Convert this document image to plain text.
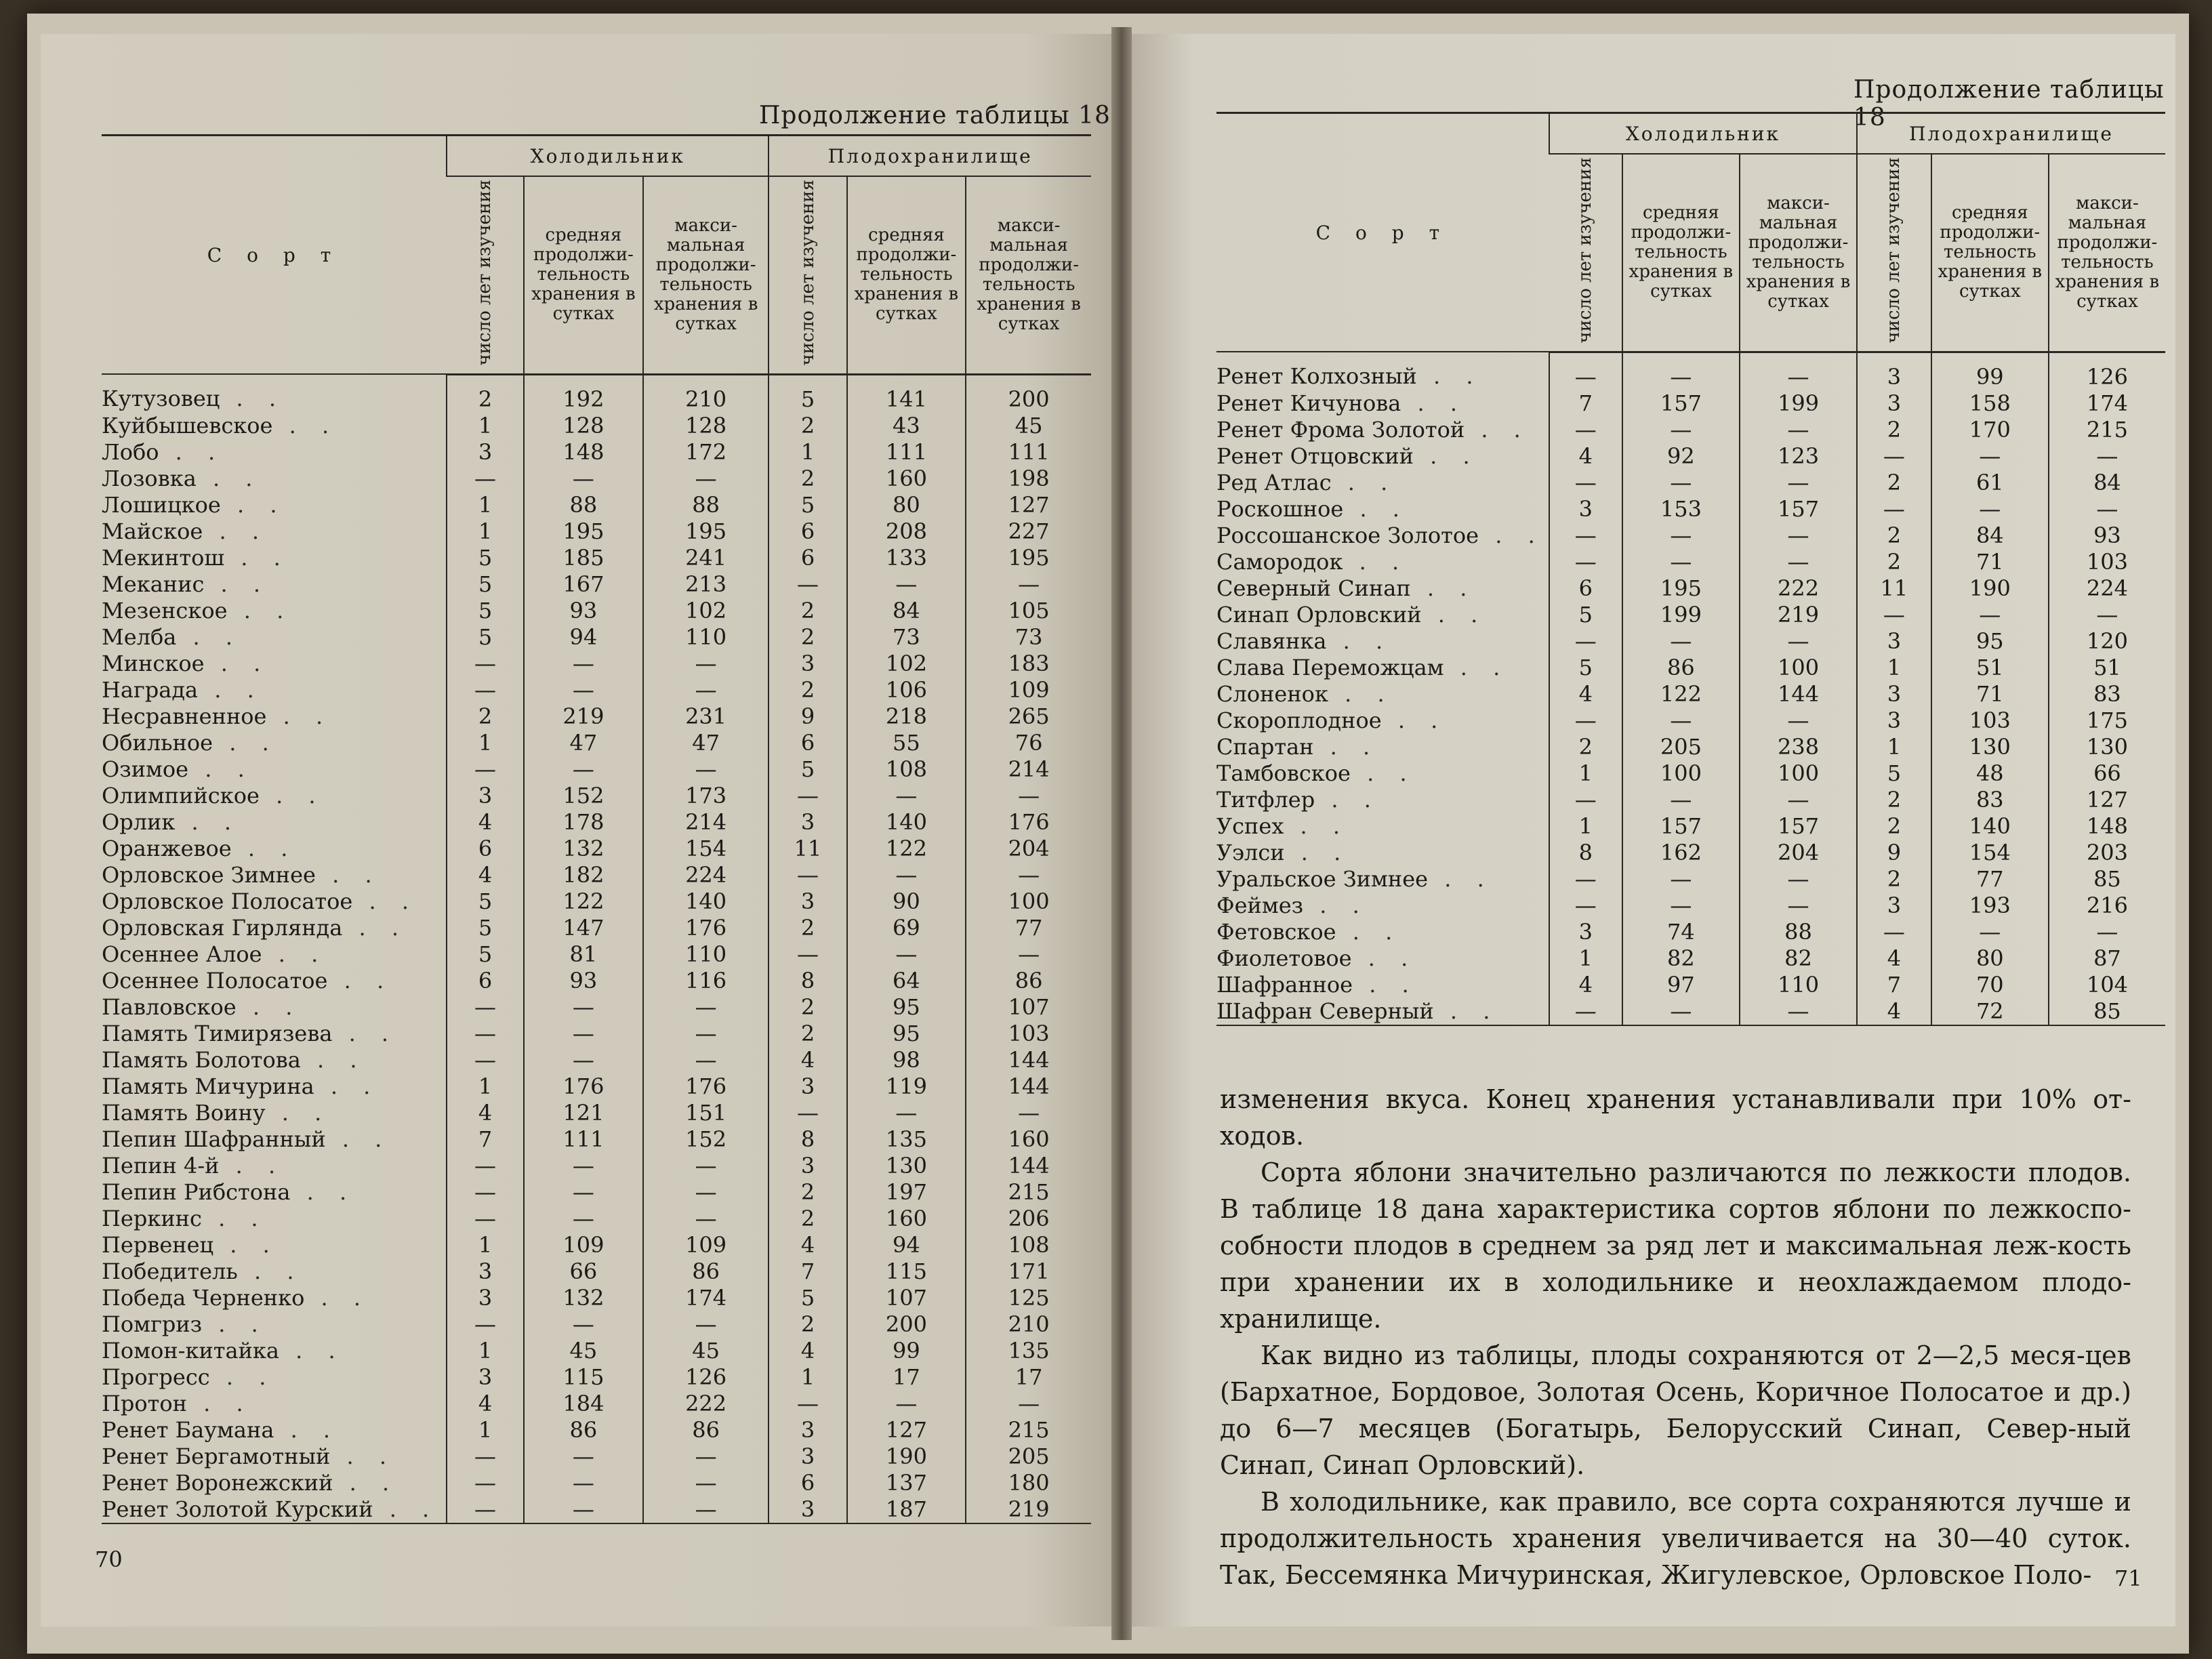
Продолжение таблицы 18
С о р т	Холодильник			Плодохранилище		
	число лет изучения	средняя продолжи-тельность хранения в сутках	макси-мальная продолжи-тельность хранения в сутках	число лет изучения	средняя продолжи-тельность хранения в сутках	макси-мальная продолжи-тельность хранения в сутках
Кутузовец . .	2	192	210	5	141	200
Куйбышевское . .	1	128	128	2	43	45
Лобо . .	3	148	172	1	111	111
Лозовка . .	—	—	—	2	160	198
Лошицкое . .	1	88	88	5	80	127
Майское . .	1	195	195	6	208	227
Мекинтош . .	5	185	241	6	133	195
Меканис . .	5	167	213	—	—	—
Мезенское . .	5	93	102	2	84	105
Мелба . .	5	94	110	2	73	73
Минское . .	—	—	—	3	102	183
Награда . .	—	—	—	2	106	109
Несравненное . .	2	219	231	9	218	265
Обильное . .	1	47	47	6	55	76
Озимое . .	—	—	—	5	108	214
Олимпийское . .	3	152	173	—	—	—
Орлик . .	4	178	214	3	140	176
Оранжевое . .	6	132	154	11	122	204
Орловское Зимнее . .	4	182	224	—	—	—
Орловское Полосатое . .	5	122	140	3	90	100
Орловская Гирлянда . .	5	147	176	2	69	77
Осеннее Алое . .	5	81	110	—	—	—
Осеннее Полосатое . .	6	93	116	8	64	86
Павловское . .	—	—	—	2	95	107
Память Тимирязева . .	—	—	—	2	95	103
Память Болотова . .	—	—	—	4	98	144
Память Мичурина . .	1	176	176	3	119	144
Память Воину . .	4	121	151	—	—	—
Пепин Шафранный . .	7	111	152	8	135	160
Пепин 4-й . .	—	—	—	3	130	144
Пепин Рибстона . .	—	—	—	2	197	215
Перкинс . .	—	—	—	2	160	206
Первенец . .	1	109	109	4	94	108
Победитель . .	3	66	86	7	115	171
Победа Черненко . .	3	132	174	5	107	125
Помгриз . .	—	—	—	2	200	210
Помон-китайка . .	1	45	45	4	99	135
Прогресс . .	3	115	126	1	17	17
Протон . .	4	184	222	—	—	—
Ренет Баумана . .	1	86	86	3	127	215
Ренет Бергамотный . .	—	—	—	3	190	205
Ренет Воронежский . .	—	—	—	6	137	180
Ренет Золотой Курский . .	—	—	—	3	187	219
70
Продолжение таблицы 18
С о р т	Холодильник			Плодохранилище		
	число лет изучения	средняя продолжи-тельность хранения в сутках	макси-мальная продолжи-тельность хранения в сутках	число лет изучения	средняя продолжи-тельность хранения в сутках	макси-мальная продолжи-тельность хранения в сутках
Ренет Колхозный . .	—	—	—	3	99	126
Ренет Кичунова . .	7	157	199	3	158	174
Ренет Фрома Золотой . .	—	—	—	2	170	215
Ренет Отцовский . .	4	92	123	—	—	—
Ред Атлас . .	—	—	—	2	61	84
Роскошное . .	3	153	157	—	—	—
Россошанское Золотое . .	—	—	—	2	84	93
Самородок . .	—	—	—	2	71	103
Северный Синап . .	6	195	222	11	190	224
Синап Орловский . .	5	199	219	—	—	—
Славянка . .	—	—	—	3	95	120
Слава Переможцам . .	5	86	100	1	51	51
Слоненок . .	4	122	144	3	71	83
Скороплодное . .	—	—	—	3	103	175
Спартан . .	2	205	238	1	130	130
Тамбовское . .	1	100	100	5	48	66
Титфлер . .	—	—	—	2	83	127
Успех . .	1	157	157	2	140	148
Уэлси . .	8	162	204	9	154	203
Уральское Зимнее . .	—	—	—	2	77	85
Феймез . .	—	—	—	3	193	216
Фетовское . .	3	74	88	—	—	—
Фиолетовое . .	1	82	82	4	80	87
Шафранное . .	4	97	110	7	70	104
Шафран Северный . .	—	—	—	4	72	85

изменения вкуса. Конец хранения устанавливали при 10% от-ходов.

Сорта яблони значительно различаются по лежкости плодов. В таблице 18 дана характеристика сортов яблони по лежкоспо-собности плодов в среднем за ряд лет и максимальная леж-кость при хранении их в холодильнике и неохлаждаемом плодо-хранилище.

Как видно из таблицы, плоды сохраняются от 2—2,5 меся-цев (Бархатное, Бордовое, Золотая Осень, Коричное Полосатое и др.) до 6—7 месяцев (Богатырь, Белорусский Синап, Север-ный Синап, Синап Орловский).

В холодильнике, как правило, все сорта сохраняются лучше и продолжительность хранения увеличивается на 30—40 суток. Так, Бессемянка Мичуринская, Жигулевское, Орловское Поло-	71
